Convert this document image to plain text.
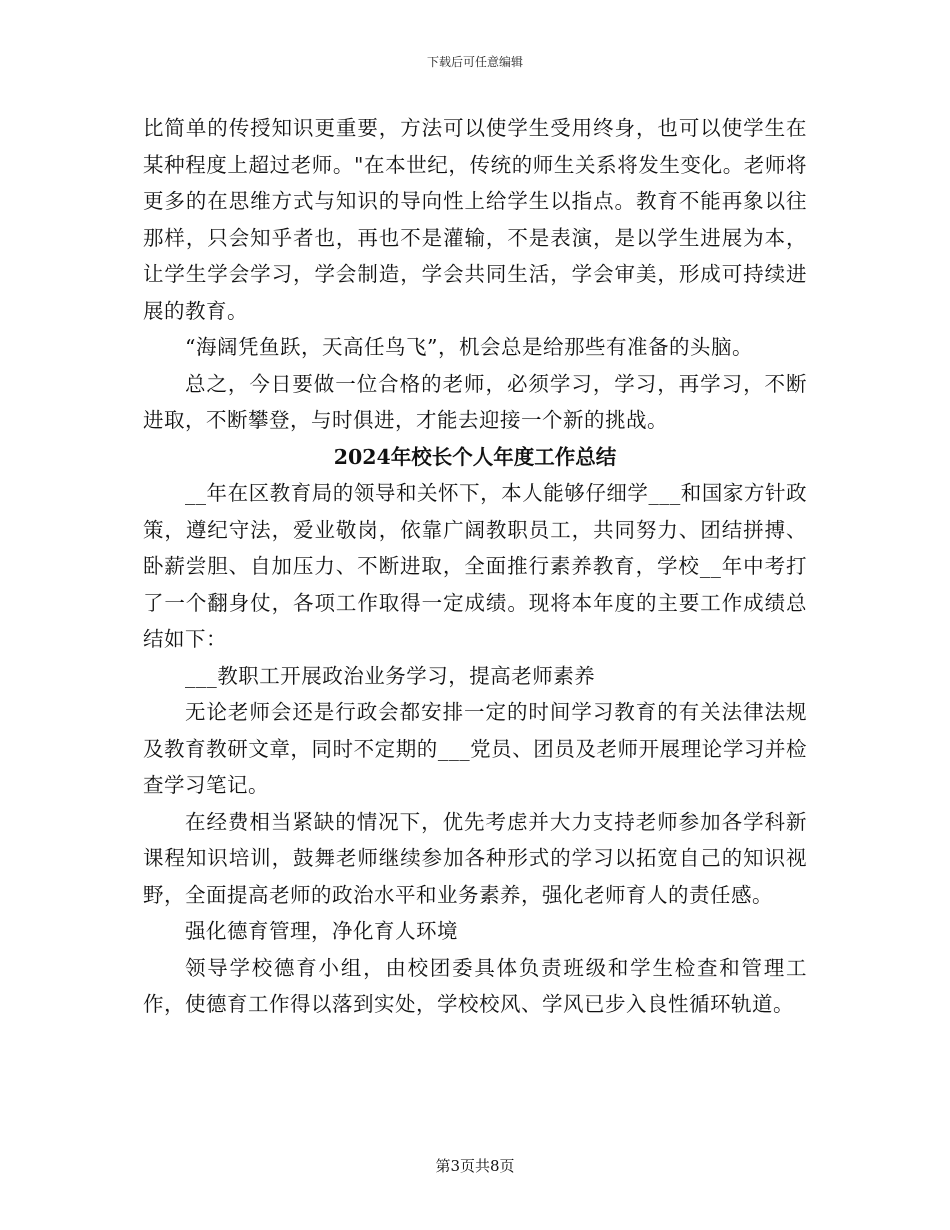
下载后可任意编辑

比简单的传授知识更重要，方法可以使学生受用终身，也可以使学生在某种程度上超过老师。"在本世纪，传统的师生关系将发生变化。老师将更多的在思维方式与知识的导向性上给学生以指点。教育不能再象以往那样，只会知乎者也，再也不是灌输，不是表演，是以学生进展为本，让学生学会学习，学会制造，学会共同生活，学会审美，形成可持续进展的教育。

“海阔凭鱼跃，天高任鸟飞”，机会总是给那些有准备的头脑。

总之，今日要做一位合格的老师，必须学习，学习，再学习，不断进取，不断攀登，与时俱进，才能去迎接一个新的挑战。

2024年校长个人年度工作总结

__年在区教育局的领导和关怀下，本人能够仔细学___和国家方针政策，遵纪守法，爱业敬岗，依靠广阔教职员工，共同努力、团结拼搏、卧薪尝胆、自加压力、不断进取，全面推行素养教育，学校__年中考打了一个翻身仗，各项工作取得一定成绩。现将本年度的主要工作成绩总结如下：

___教职工开展政治业务学习，提高老师素养

无论老师会还是行政会都安排一定的时间学习教育的有关法律法规及教育教研文章，同时不定期的___党员、团员及老师开展理论学习并检查学习笔记。

在经费相当紧缺的情况下，优先考虑并大力支持老师参加各学科新课程知识培训，鼓舞老师继续参加各种形式的学习以拓宽自己的知识视野，全面提高老师的政治水平和业务素养，强化老师育人的责任感。

强化德育管理，净化育人环境

领导学校德育小组，由校团委具体负责班级和学生检查和管理工作，使德育工作得以落到实处，学校校风、学风已步入良性循环轨道。

第3页共8页
